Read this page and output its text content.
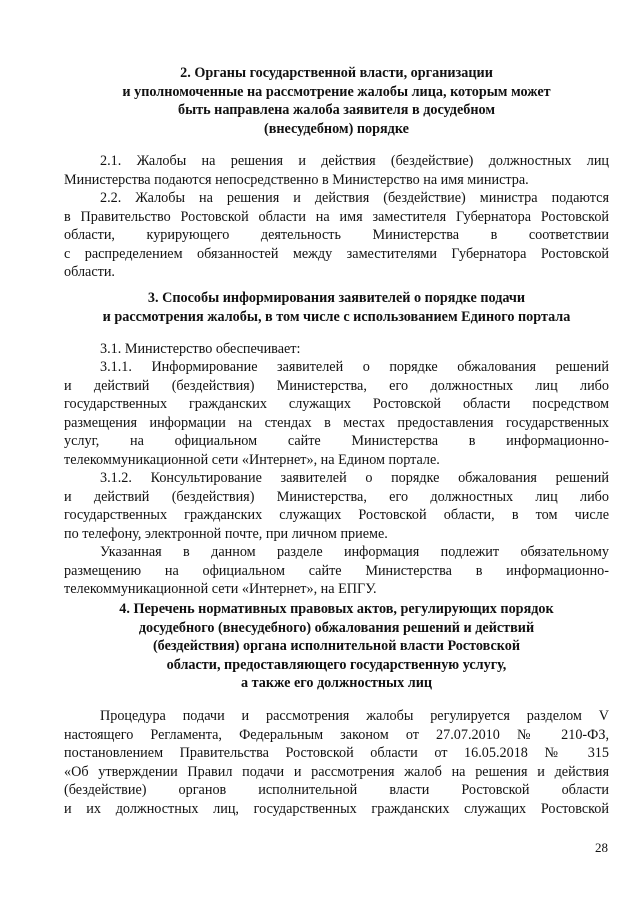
2. Органы государственной власти, организации
и уполномоченные на рассмотрение жалобы лица, которым может
быть направлена жалоба заявителя в досудебном
(внесудебном) порядке
2.1. Жалобы на решения и действия (бездействие) должностных лиц
Министерства подаются непосредственно в Министерство на имя министра.
2.2. Жалобы на решения и действия (бездействие) министра подаются
в Правительство Ростовской области на имя заместителя Губернатора Ростовской
области, курирующего деятельность Министерства в соответствии
с распределением обязанностей между заместителями Губернатора Ростовской
области.
3. Способы информирования заявителей о порядке подачи
и рассмотрения жалобы, в том числе с использованием Единого портала
3.1. Министерство обеспечивает:
3.1.1. Информирование заявителей о порядке обжалования решений
и действий (бездействия) Министерства, его должностных лиц либо
государственных гражданских служащих Ростовской области посредством
размещения информации на стендах в местах предоставления государственных
услуг, на официальном сайте Министерства в информационно-
телекоммуникационной сети «Интернет», на Едином портале.
3.1.2. Консультирование заявителей о порядке обжалования решений
и действий (бездействия) Министерства, его должностных лиц либо
государственных гражданских служащих Ростовской области, в том числе
по телефону, электронной почте, при личном приеме.
Указанная в данном разделе информация подлежит обязательному
размещению на официальном сайте Министерства в информационно-
телекоммуникационной сети «Интернет», на ЕПГУ.
4. Перечень нормативных правовых актов, регулирующих порядок
досудебного (внесудебного) обжалования решений и действий
(бездействия) органа исполнительной власти Ростовской
области, предоставляющего государственную услугу,
а также его должностных лиц
Процедура подачи и рассмотрения жалобы регулируется разделом V
настоящего Регламента, Федеральным законом от 27.07.2010 № 210-ФЗ,
постановлением Правительства Ростовской области от 16.05.2018 № 315
«Об утверждении Правил подачи и рассмотрения жалоб на решения и действия
(бездействие) органов исполнительной власти Ростовской области
и их должностных лиц, государственных гражданских служащих Ростовской
28
